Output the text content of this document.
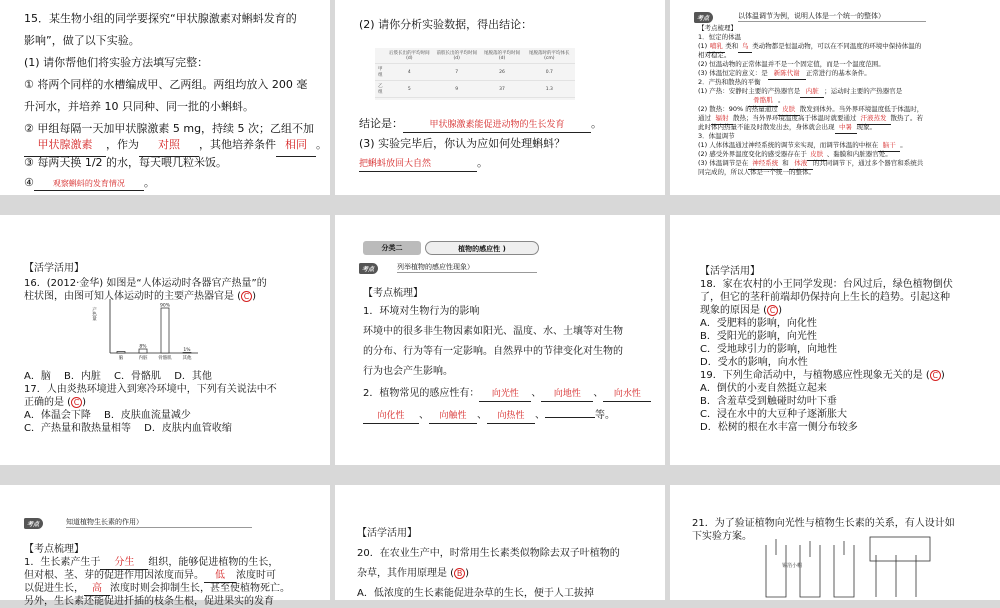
15．某生物小组的同学要探究“甲状腺激素对蝌蚪发育的
影响”，做了以下实验。
(1) 请你帮他们将实验方法填写完整：
① 将两个同样的水槽编成甲、乙两组。两组均放入 200 毫
升河水，并培养 10 只同种、同一批的小蝌蚪。
② 甲组每隔一天加甲状腺激素 5 mg，持续 5 次；乙组不加
甲状腺激素 ，作为 对照 ，其他培养条件 相同 。
③ 每两天换 1/2 的水，每天喂几粒米饭。
④ 观察蝌蚪的发育情况 。
(2) 请你分析实验数据，得出结论：
	后肢长出的平均时间 (d)	前肢长出的平均时间 (d)	尾脱落的平均时间 (d)	尾脱落时的平均体长 (cm)
甲组	4	7	26	0.7
乙组	5	9	37	1.3
结论是：	甲状腺激素能促进动物的生长发育 。
(3) 实验完毕后，你认为应如何处理蝌蚪？
把蝌蚪放回大自然	。
考点	以体温调节为例，说明人体是一个统一的整体）
【考点梳理】
1．恒定的体温
(1) 哺乳 类和 鸟 类动物都是恒温动物，可以在不同温度的环境中保持体温的
相对稳定。
(2) 恒温动物的正常体温并不是一个固定值，而是一个温度范围。
(3) 体温恒定的意义：是 新陈代谢 正常进行的基本条件。
2．产热和散热的平衡
(1) 产热：安静时主要的产热器官是 内脏 ；运动时主要的产热器官是
骨骼肌 。
(2) 散热：90% 的热量通过 皮肤 散发到体外。当外界环境温度低于体温时，
通过 辐射 散热；当外界环境温度高于体温时就要通过 汗液蒸发 散热了。若
此时体内热量不能及时散发出去，身体就会出现 中暑 现象。
3．体温调节
(1) 人体体温通过神经系统的调节来实现，而调节体温的中枢在 脑干 。
(2) 感受外界温度变化的感受器存在于 皮肤 、黏膜和内脏器官处。
(3) 体温调节是在 神经系统 和 体液 的共同调节下，通过多个器官和系统共
同完成的，所以人体是一个统一的整体。
【活学活用】
16．(2012·金华) 如图是“人体运动时各器官产热量”的
柱状图，由图可知人体运动时的主要产热器官是 ( C )
产热量
脑	内脏
8%
骨骼肌
90%
其他
1%
A．脑　 B．内脏　 C．骨骼肌　 D．其他
17．人由炎热环境进入到寒冷环境中，下列有关说法中不
正确的是 ( C )
A．体温会下降　 B．皮肤血流量减少
C．产热量和散热量相等　 D．皮肤内血管收缩
分类二	植物的感应性 )
考点	列举植物的感应性现象）
【考点梳理】
1．环境对生物行为的影响
环境中的很多非生物因素如阳光、温度、水、土壤等对生物
的分布、行为等有一定影响。自然界中的节律变化对生物的
行为也会产生影响。
2．植物常见的感应性有： 向光性 、 向地性 、 向水性
向化性 、 向触性 、 向热性 、	等。
【活学活用】
18．家在农村的小王同学发现：台风过后，绿色植物倒伏
了，但它的茎秆前端却仍保持向上生长的趋势。引起这种
现象的原因是 ( C )
A．受肥料的影响，向化性
B．受阳光的影响，向光性
C．受地球引力的影响，向地性
D．受水的影响，向水性
19．下列生命活动中，与植物感应性现象无关的是 ( C )
A．倒伏的小麦自然挺立起来
B．含羞草受到触碰时幼叶下垂
C．浸在水中的大豆种子逐渐胀大
D．松树的根在水丰富一侧分布较多
考点	知道植物生长素的作用）
【考点梳理】
1．生长素产生于 分生 组织，能够促进植物的生长，
但对根、茎、芽的促进作用因浓度而异。 低 浓度时可
以促进生长， 高 浓度时则会抑制生长，甚至使植物死亡。
另外，生长素还能促进扦插的枝条生根，促进果实的发育
【活学活用】
20．在农业生产中，时常用生长素类似物除去双子叶植物的
杂草，其作用原理是 ( B )
A．低浓度的生长素能促进杂草的生长，便于人工拔掉
21．为了验证植物向光性与植物生长素的关系，有人设计如
下实验方案。
锡箔小帽
